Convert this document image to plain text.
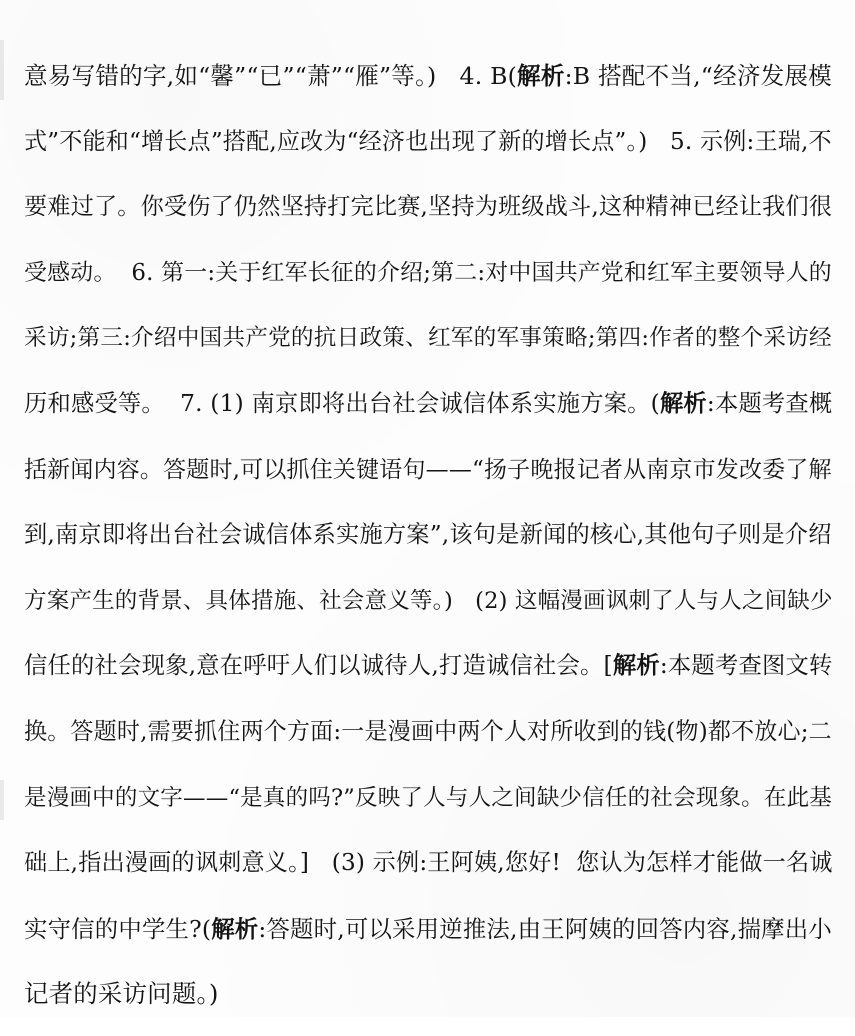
意易写错的字,如“馨”“已”“萧”“雁”等。)   4. B(解析:B 搭配不当,“经济发展模
式”不能和“增长点”搭配,应改为“经济也出现了新的增长点”。)   5. 示例:王瑞,不
要难过了。你受伤了仍然坚持打完比赛,坚持为班级战斗,这种精神已经让我们很
受感动。  6. 第一:关于红军长征的介绍;第二:对中国共产党和红军主要领导人的
采访;第三:介绍中国共产党的抗日政策、红军的军事策略;第四:作者的整个采访经
历和感受等。  7. (1) 南京即将出台社会诚信体系实施方案。(解析:本题考查概
括新闻内容。答题时,可以抓住关键语句——“扬子晚报记者从南京市发改委了解
到,南京即将出台社会诚信体系实施方案”,该句是新闻的核心,其他句子则是介绍
方案产生的背景、具体措施、社会意义等。)   (2) 这幅漫画讽刺了人与人之间缺少
信任的社会现象,意在呼吁人们以诚待人,打造诚信社会。[解析:本题考查图文转
换。答题时,需要抓住两个方面:一是漫画中两个人对所收到的钱(物)都不放心;二
是漫画中的文字——“是真的吗?”反映了人与人之间缺少信任的社会现象。在此基
础上,指出漫画的讽刺意义。]   (3) 示例:王阿姨,您好!  您认为怎样才能做一名诚
实守信的中学生?(解析:答题时,可以采用逆推法,由王阿姨的回答内容,揣摩出小
记者的采访问题。)
